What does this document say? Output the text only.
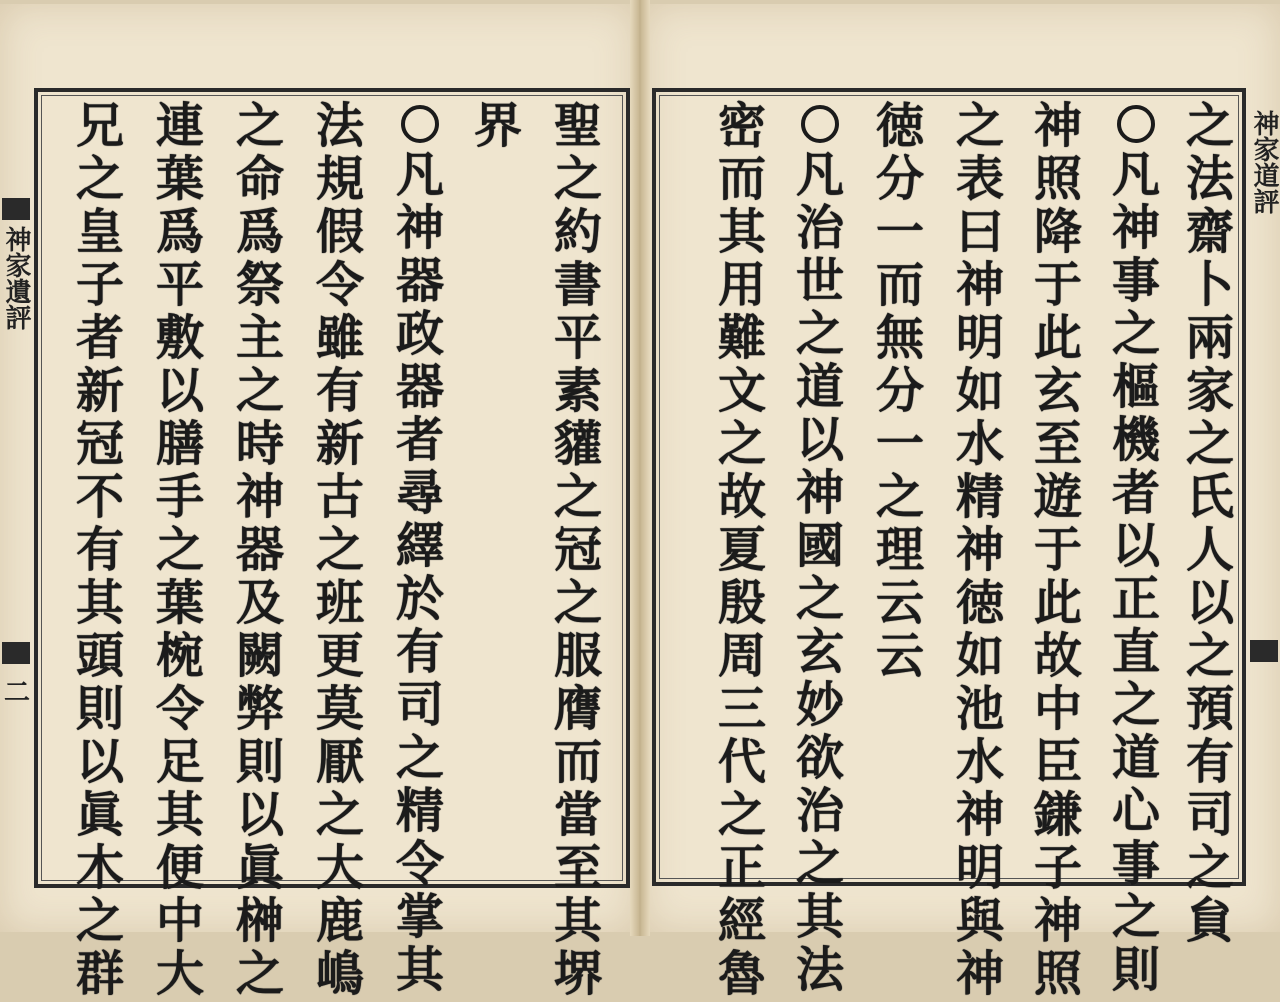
神家遺評
二
神家道評
之
法
齋
卜
兩
家
之
氏
人
以
之
預
有
司
之
貟
凡
神
事
之
樞
機
者
以
正
直
之
道
心
事
之
則
神
照
降
于
此
玄
至
遊
于
此
故
中
臣
鎌
子
神
照
之
表
曰
神
明
如
水
精
神
徳
如
池
水
神
明
與
神
徳
分
一
而
無
分
一
之
理
云
云
凡
治
世
之
道
以
神
國
之
玄
妙
欲
治
之
其
法
密
而
其
用
難
文
之
故
夏
殷
周
三
代
之
正
經
魯
聖
之
約
書
平
素
貛
之
冠
之
服
膺
而
當
至
其
堺
界
凡
神
器
政
器
者
尋
繹
於
有
司
之
精
令
掌
其
法
規
假
令
雖
有
新
古
之
班
更
莫
厭
之
大
鹿
嶋
之
命
爲
祭
主
之
時
神
器
及
闕
弊
則
以
眞
榊
之
連
葉
爲
平
敷
以
膳
手
之
葉
椀
令
足
其
便
中
大
兄
之
皇
子
者
新
冠
不
有
其
頭
則
以
眞
木
之
群
